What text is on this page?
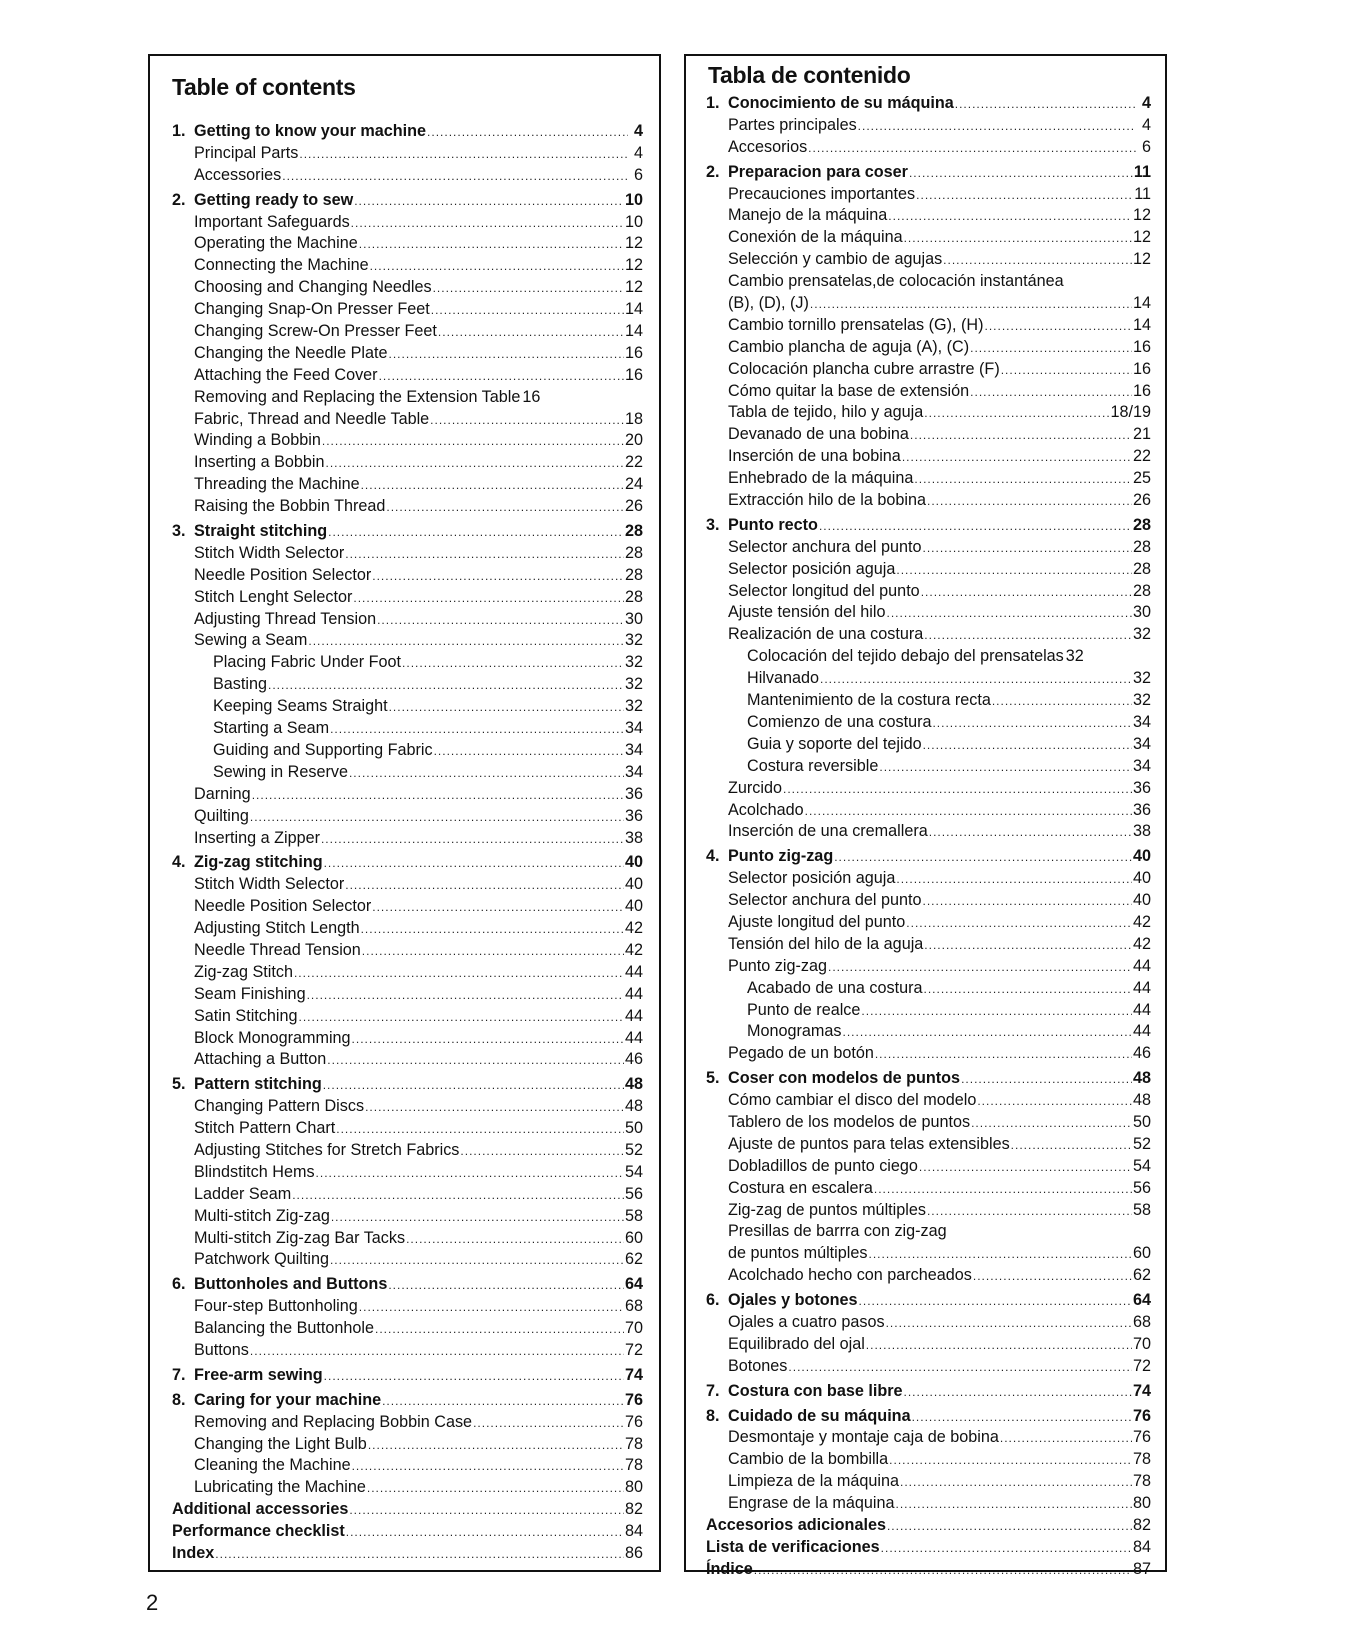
Table of contents
1. Getting to know your machine .....	4
Principal Parts .....	4
Accessories .....	6
2. Getting ready to sew .....	10
Important Safeguards .....	10
Operating the Machine .....	12
Connecting the Machine .....	12
Choosing and Changing Needles .....	12
Changing Snap-On Presser Feet .....	14
Changing Screw-On Presser Feet .....	14
Changing the Needle Plate .....	16
Attaching the Feed Cover .....	16
Removing and Replacing the Extension Table 16
Fabric, Thread and Needle Table .....	18
Winding a Bobbin .....	20
Inserting a Bobbin .....	22
Threading the Machine .....	24
Raising the Bobbin Thread .....	26
3. Straight stitching .....	28
Stitch Width Selector .....	28
Needle Position Selector .....	28
Stitch Lenght Selector .....	28
Adjusting Thread Tension .....	30
Sewing a Seam .....	32
Placing Fabric Under Foot .....	32
Basting .....	32
Keeping Seams Straight .....	32
Starting a Seam .....	34
Guiding and Supporting Fabric .....	34
Sewing in Reserve .....	34
Darning .....	36
Quilting .....	36
Inserting a Zipper .....	38
4. Zig-zag stitching .....	40
Stitch Width Selector .....	40
Needle Position Selector .....	40
Adjusting Stitch Length .....	42
Needle Thread Tension .....	42
Zig-zag Stitch .....	44
Seam Finishing .....	44
Satin Stitching .....	44
Block Monogramming .....	44
Attaching a Button .....	46
5. Pattern stitching .....	48
Changing Pattern Discs .....	48
Stitch Pattern Chart .....	50
Adjusting Stitches for Stretch Fabrics .....	52
Blindstitch Hems .....	54
Ladder Seam .....	56
Multi-stitch Zig-zag .....	58
Multi-stitch Zig-zag Bar Tacks .....	60
Patchwork Quilting .....	62
6. Buttonholes and Buttons .....	64
Four-step Buttonholing .....	68
Balancing the Buttonhole .....	70
Buttons .....	72
7. Free-arm sewing .....	74
8. Caring for your machine .....	76
Removing and Replacing Bobbin Case .....	76
Changing the Light Bulb .....	78
Cleaning the Machine .....	78
Lubricating the Machine .....	80
Additional accessories .....	82
Performance checklist .....	84
Index .....	86
Tabla de contenido
1. Conocimiento de su máquina .....	4
Partes principales .....	4
Accesorios .....	6
2. Preparacion para coser .....	11
Precauciones importantes .....	11
Manejo de la máquina .....	12
Conexión de la máquina .....	12
Selección y cambio de agujas .....	12
Cambio prensatelas,de colocación instantánea
(B), (D), (J) .....	14
Cambio tornillo prensatelas (G), (H) .....	14
Cambio plancha de aguja (A), (C) .....	16
Colocación plancha cubre arrastre (F) .....	16
Cómo quitar la base de extensión .....	16
Tabla de tejido, hilo y aguja .....	18/19
Devanado de una bobina .....	21
Inserción de una bobina .....	22
Enhebrado de la máquina .....	25
Extracción hilo de la bobina .....	26
3. Punto recto .....	28
Selector anchura del punto .....	28
Selector posición aguja .....	28
Selector longitud del punto .....	28
Ajuste tensión del hilo .....	30
Realización de una costura .....	32
Colocación del tejido debajo del prensatelas 32
Hilvanado .....	32
Mantenimiento de la costura recta .....	32
Comienzo de una costura .....	34
Guia y soporte del tejido .....	34
Costura reversible .....	34
Zurcido .....	36
Acolchado .....	36
Inserción de una cremallera .....	38
4. Punto zig-zag .....	40
Selector posición aguja .....	40
Selector anchura del punto .....	40
Ajuste longitud del punto .....	42
Tensión del hilo de la aguja .....	42
Punto zig-zag .....	44
Acabado de una costura .....	44
Punto de realce .....	44
Monogramas .....	44
Pegado de un botón .....	46
5. Coser con modelos de puntos .....	48
Cómo cambiar el disco del modelo .....	48
Tablero de los modelos de puntos .....	50
Ajuste de puntos para telas extensibles .....	52
Dobladillos de punto ciego .....	54
Costura en escalera .....	56
Zig-zag de puntos múltiples .....	58
Presillas de barrra con zig-zag
de puntos múltiples .....	60
Acolchado hecho con parcheados .....	62
6. Ojales y botones .....	64
Ojales a cuatro pasos .....	68
Equilibrado del ojal .....	70
Botones .....	72
7. Costura con base libre .....	74
8. Cuidado de su máquina .....	76
Desmontaje y montaje caja de bobina .....	76
Cambio de la bombilla .....	78
Limpieza de la máquina .....	78
Engrase de la máquina .....	80
Accesorios adicionales .....	82
Lista de verificaciones .....	84
Índice .....	87
2
